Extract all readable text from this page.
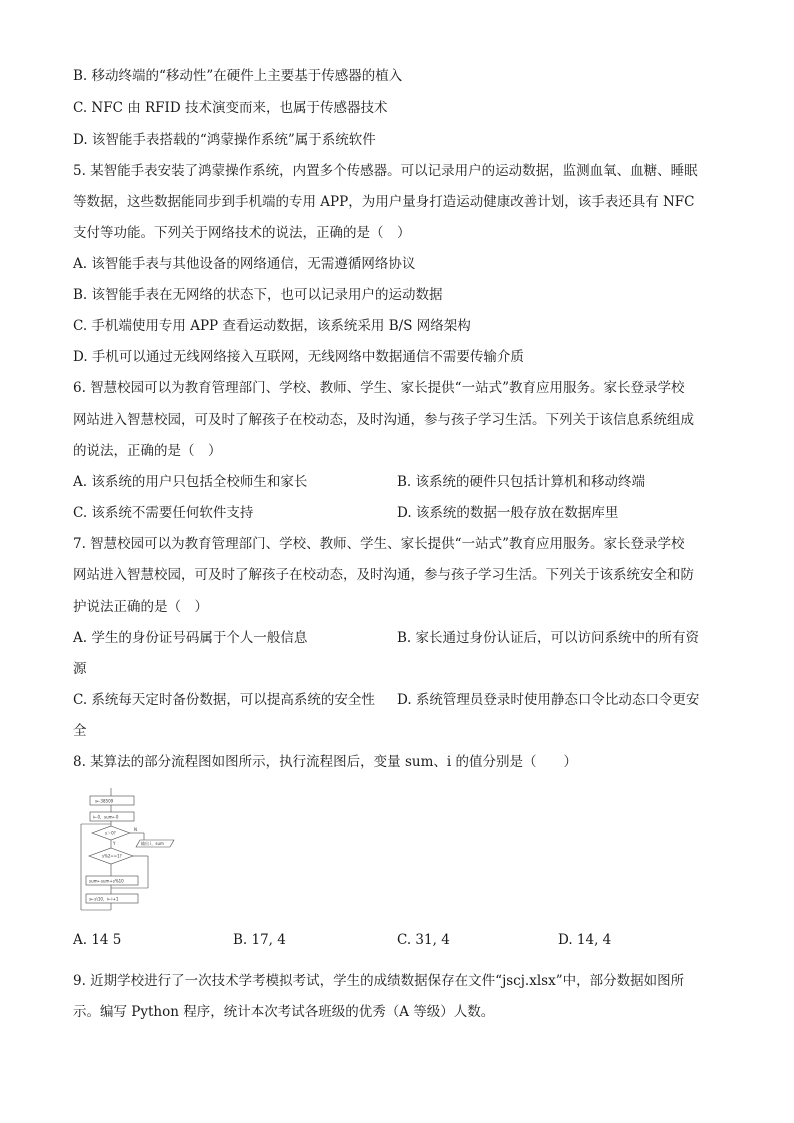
B. 移动终端的“移动性”在硬件上主要基于传感器的植入
C. NFC 由 RFID 技术演变而来，也属于传感器技术
D. 该智能手表搭载的“鸿蒙操作系统”属于系统软件
5. 某智能手表安装了鸿蒙操作系统，内置多个传感器。可以记录用户的运动数据，监测血氧、血糖、睡眠
等数据，这些数据能同步到手机端的专用 APP，为用户量身打造运动健康改善计划，该手表还具有 NFC
支付等功能。下列关于网络技术的说法，正确的是（　）
A. 该智能手表与其他设备的网络通信，无需遵循网络协议
B. 该智能手表在无网络的状态下，也可以记录用户的运动数据
C. 手机端使用专用 APP 查看运动数据，该系统采用 B/S 网络架构
D. 手机可以通过无线网络接入互联网，无线网络中数据通信不需要传输介质
6. 智慧校园可以为教育管理部门、学校、教师、学生、家长提供“一站式”教育应用服务。家长登录学校
网站进入智慧校园，可及时了解孩子在校动态，及时沟通，参与孩子学习生活。下列关于该信息系统组成
的说法，正确的是（　）
A. 该系统的用户只包括全校师生和家长	B. 该系统的硬件只包括计算机和移动终端
C. 该系统不需要任何软件支持	D. 该系统的数据一般存放在数据库里
7. 智慧校园可以为教育管理部门、学校、教师、学生、家长提供“一站式”教育应用服务。家长登录学校
网站进入智慧校园，可及时了解孩子在校动态，及时沟通，参与孩子学习生活。下列关于该系统安全和防
护说法正确的是（　）
A. 学生的身份证号码属于个人一般信息	B. 家长通过身份认证后，可以访问系统中的所有资
源
C. 系统每天定时备份数据，可以提高系统的安全性 D. 系统管理员登录时使用静态口令比动态口令更安
全
8. 某算法的部分流程图如图所示，执行流程图后，变量 sum、i 的值分别是（　　）
s←38509
i←0，sum←0
s＞0?
N
输出 i，sum
Y
s%2==1?
sum←sum+s%10
s←s\10，i←i+1
A. 14 5	B. 17, 4	C. 31, 4	D. 14, 4
9. 近期学校进行了一次技术学考模拟考试，学生的成绩数据保存在文件“jscj.xlsx”中，部分数据如图所
示。编写 Python 程序，统计本次考试各班级的优秀（A 等级）人数。
